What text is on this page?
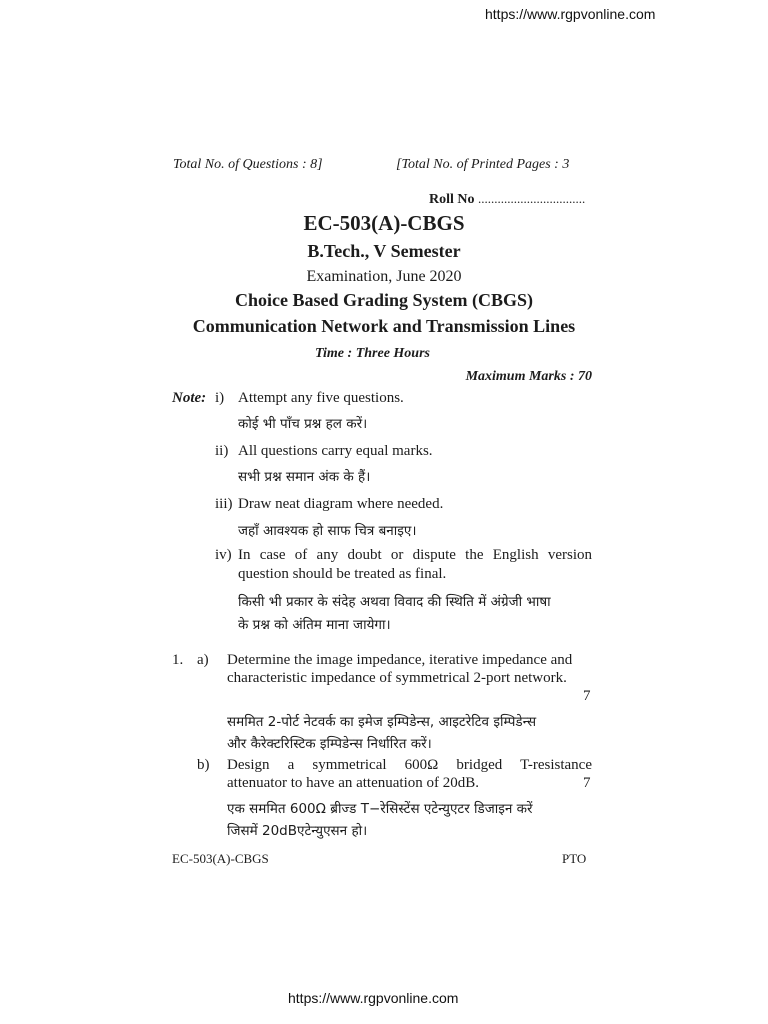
https://www.rgpvonline.com
Total No. of Questions : 8]	[Total No. of Printed Pages : 3
Roll No .................................
EC-503(A)-CBGS
B.Tech., V Semester
Examination, June 2020
Choice Based Grading System (CBGS)
Communication Network and Transmission Lines
Time : Three Hours
Maximum Marks : 70
Note: i) Attempt any five questions.
कोई भी पाँच प्रश्न हल करें।
ii) All questions carry equal marks.
सभी प्रश्न समान अंक के हैं।
iii) Draw neat diagram where needed.
जहाँ आवश्यक हो साफ चित्र बनाइए।
iv) In case of any doubt or dispute the English version
question should be treated as final.
किसी भी प्रकार के संदेह अथवा विवाद की स्थिति में अंग्रेजी भाषा
के प्रश्न को अंतिम माना जायेगा।
1. a) Determine the image impedance, iterative impedance and
characteristic impedance of symmetrical 2-port network.
7
सममित 2-पोर्ट नेटवर्क का इमेज इम्पिडेन्स, आइटरेटिव इम्पिडेन्स
और कैरेक्टरिस्टिक इम्पिडेन्स निर्धारित करें।
b) Design a symmetrical 600Ω bridged T-resistance
attenuator to have an attenuation of 20dB.	7
एक सममित 600Ω ब्रीज्ड T−रेसिस्टेंस एटेन्युएटर डिजाइन करें
जिसमें 20dBएटेन्युएसन हो।
EC-503(A)-CBGS	PTO
https://www.rgpvonline.com
